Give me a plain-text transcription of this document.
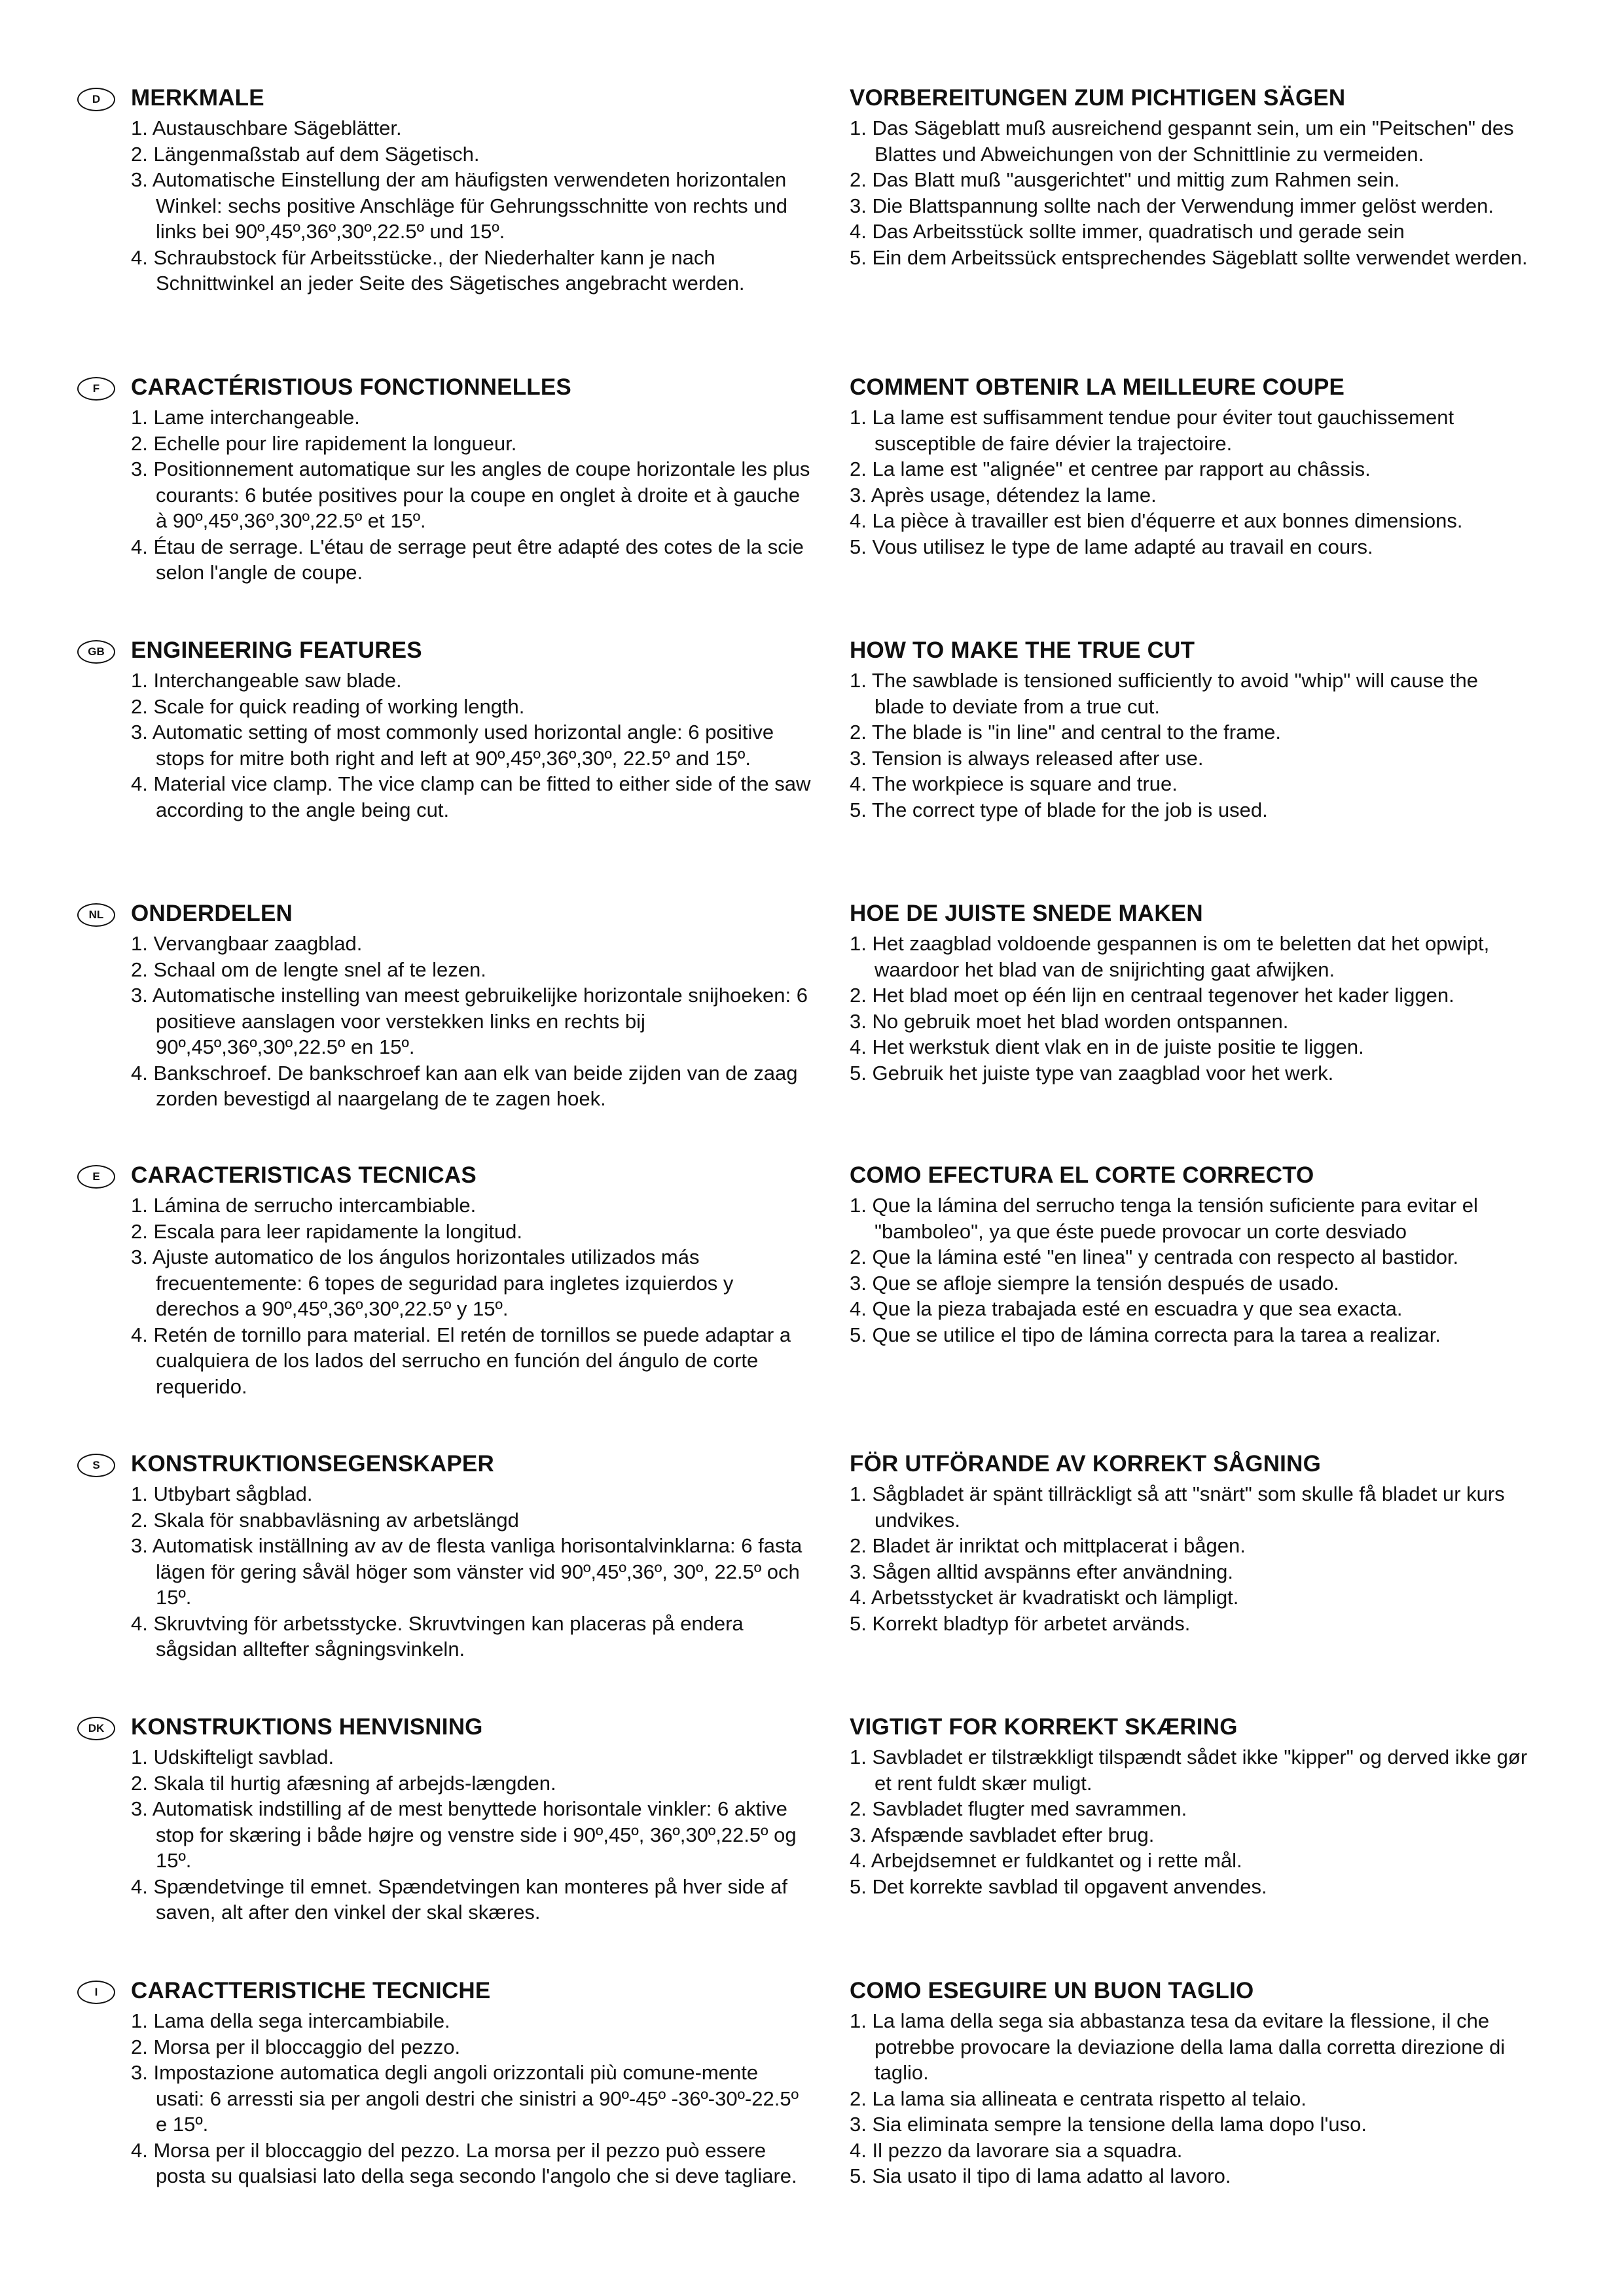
D	MERKMALE
1. Austauschbare Sägeblätter.
2. Längenmaßstab auf dem Sägetisch.
3. Automatische Einstellung der am häufigsten verwendeten horizontalen Winkel: sechs positive Anschläge für Gehrungsschnitte von rechts und links bei 90º,45º,36º,30º,22.5º und 15º.
4. Schraubstock für Arbeitsstücke., der Niederhalter kann je nach Schnittwinkel an jeder Seite des Sägetisches angebracht werden.
VORBEREITUNGEN ZUM PICHTIGEN SÄGEN
1. Das Sägeblatt muß ausreichend gespannt sein, um ein "Peitschen" des Blattes und Abweichungen von der Schnittlinie zu vermeiden.
2. Das Blatt muß "ausgerichtet" und mittig zum Rahmen sein.
3. Die Blattspannung sollte nach der Verwendung immer gelöst werden.
4. Das Arbeitsstück sollte immer, quadratisch und gerade sein
5. Ein dem Arbeitssück entsprechendes Sägeblatt sollte verwendet werden.
F	CARACTÉRISTIOUS FONCTIONNELLES
1. Lame interchangeable.
2. Echelle pour lire rapidement la longueur.
3. Positionnement automatique sur les angles de coupe horizontale les plus courants: 6 butée positives pour la coupe en onglet à droite et à gauche à 90º,45º,36º,30º,22.5º et 15º.
4. Étau de serrage. L'étau de serrage peut être adapté des cotes de la scie selon l'angle de coupe.
COMMENT OBTENIR LA MEILLEURE COUPE
1. La lame est suffisamment tendue pour éviter tout gauchissement susceptible de faire dévier la trajectoire.
2. La lame est "alignée" et centree par rapport au châssis.
3. Après usage, détendez la lame.
4. La pièce à travailler est bien d'équerre et aux bonnes dimensions.
5. Vous utilisez le type de lame adapté au travail en cours.
GB	ENGINEERING FEATURES
1. Interchangeable saw blade.
2. Scale for quick reading of working length.
3. Automatic setting of most commonly used horizontal angle: 6 positive stops for mitre both right and left at 90º,45º,36º,30º, 22.5º and 15º.
4. Material vice clamp. The vice clamp can be fitted to either side of the saw according to the angle being cut.
HOW TO MAKE THE TRUE CUT
1. The sawblade is tensioned sufficiently to avoid "whip" will cause the blade to deviate from a true cut.
2. The blade is "in line" and central to the frame.
3. Tension is always released after use.
4. The workpiece is square and true.
5. The correct type of blade for the job is used.
NL	ONDERDELEN
1. Vervangbaar zaagblad.
2. Schaal om de lengte snel af te lezen.
3. Automatische instelling van meest gebruikelijke horizontale snijhoeken: 6 positieve aanslagen voor verstekken links en rechts bij 90º,45º,36º,30º,22.5º en 15º.
4. Bankschroef. De bankschroef kan aan elk van beide zijden van de zaag zorden bevestigd al naargelang de te zagen hoek.
HOE DE JUISTE SNEDE MAKEN
1. Het zaagblad voldoende gespannen is om te beletten dat het opwipt, waardoor het blad van de snijrichting gaat afwijken.
2. Het blad moet op één lijn en centraal tegenover het kader liggen.
3. No gebruik moet het blad worden ontspannen.
4. Het werkstuk dient vlak en in de juiste positie te liggen.
5. Gebruik het juiste type van zaagblad voor het werk.
E	CARACTERISTICAS TECNICAS
1. Lámina de serrucho intercambiable.
2. Escala para leer rapidamente la longitud.
3. Ajuste automatico de los ángulos horizontales utilizados más frecuentemente: 6 topes de seguridad para ingletes izquierdos y derechos a 90º,45º,36º,30º,22.5º y 15º.
4. Retén de tornillo para material. El retén de tornillos se puede adaptar a cualquiera de los lados del serrucho en función del ángulo de corte requerido.
COMO EFECTURA EL CORTE CORRECTO
1. Que la lámina del serrucho tenga la tensión suficiente para evitar el "bamboleo", ya que éste puede provocar un corte desviado
2. Que la lámina esté "en linea" y centrada con respecto al bastidor.
3. Que se afloje siempre la tensión después de usado.
4. Que la pieza trabajada esté en escuadra y que sea exacta.
5. Que se utilice el tipo de lámina correcta para la tarea a realizar.
S	KONSTRUKTIONSEGENSKAPER
1. Utbybart sågblad.
2. Skala för snabbavläsning av arbetslängd
3. Automatisk inställning av av de flesta vanliga horisontalvinklarna: 6 fasta lägen för gering såväl höger som vänster vid 90º,45º,36º, 30º, 22.5º och 15º.
4. Skruvtving för arbetsstycke. Skruvtvingen kan placeras på endera sågsidan alltefter sågningsvinkeln.
FÖR UTFÖRANDE AV KORREKT SÅGNING
1. Sågbladet är spänt tillräckligt så att "snärt" som skulle få bladet ur kurs undvikes.
2. Bladet är inriktat och mittplacerat i bågen.
3. Sågen alltid avspänns efter användning.
4. Arbetsstycket är kvadratiskt och lämpligt.
5. Korrekt bladtyp för arbetet arvänds.
DK	KONSTRUKTIONS HENVISNING
1. Udskifteligt savblad.
2. Skala til hurtig afæsning af arbejds-længden.
3. Automatisk indstilling af de mest benyttede horisontale vinkler: 6 aktive stop for skæring i både højre og venstre side i 90º,45º, 36º,30º,22.5º og 15º.
4. Spændetvinge til emnet. Spændetvingen kan monteres på hver side af saven, alt after den vinkel der skal skæres.
VIGTIGT FOR KORREKT SKÆRING
1. Savbladet er tilstrækkligt tilspændt sådet ikke "kipper" og derved ikke gør et rent fuldt skær muligt.
2. Savbladet flugter med savrammen.
3. Afspænde savbladet efter brug.
4. Arbejdsemnet er fuldkantet og i rette mål.
5. Det korrekte savblad til opgavent anvendes.
I	CARACTTERISTICHE TECNICHE
1. Lama della sega intercambiabile.
2. Morsa per il bloccaggio del pezzo.
3. Impostazione automatica degli angoli orizzontali più comune-mente usati: 6 arressti sia per angoli destri che sinistri a 90º-45º -36º-30º-22.5º e 15º.
4. Morsa per il bloccaggio del pezzo. La morsa per il pezzo può essere posta su qualsiasi lato della sega secondo l'angolo che si deve tagliare.
COMO ESEGUIRE UN BUON TAGLIO
1. La lama della sega sia abbastanza tesa da evitare la flessione, il che potrebbe provocare la deviazione della lama dalla corretta direzione di taglio.
2. La lama sia allineata e centrata rispetto al telaio.
3. Sia eliminata sempre la tensione della lama dopo l'uso.
4. Il pezzo da lavorare sia a squadra.
5. Sia usato il tipo di lama adatto al lavoro.
